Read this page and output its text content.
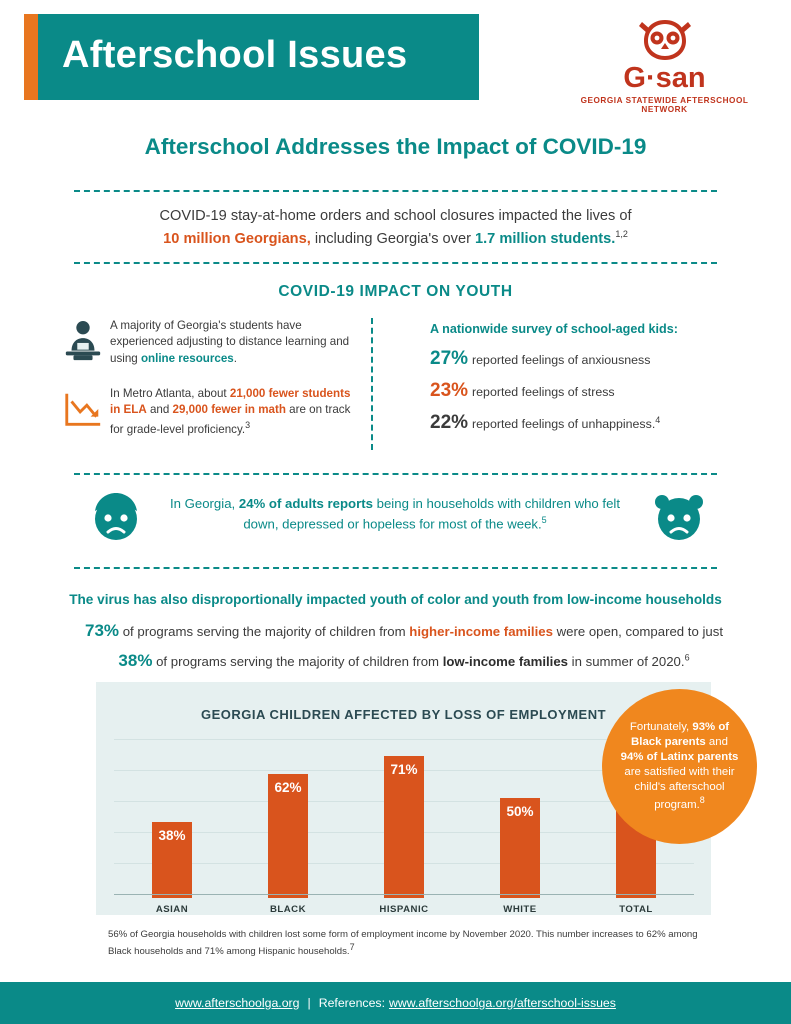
Afterschool Issues
G·san
GEORGIA STATEWIDE AFTERSCHOOL NETWORK
Afterschool Addresses the Impact of COVID-19
COVID-19 stay-at-home orders and school closures impacted the lives of
10 million Georgians, including Georgia's over 1.7 million students.$^{1,2}$
COVID-19 IMPACT ON YOUTH
A majority of Georgia's students have experienced adjusting to distance learning and using online resources.
In Metro Atlanta, about 21,000 fewer students in ELA and 29,000 fewer in math are on track for grade-level proficiency.$^3$
A nationwide survey of school-aged kids:
27% reported feelings of anxiousness
23% reported feelings of stress
22% reported feelings of unhappiness.$^4$
In Georgia, 24% of adults reports being in households with children who felt down, depressed or hopeless for most of the week.$^5$
The virus has also disproportionally impacted youth of color and youth from low-income households
73% of programs serving the majority of children from higher-income families were open, compared to just
38% of programs serving the majority of children from low-income families in summer of 2020.$^6$
GEORGIA CHILDREN AFFECTED BY LOSS OF EMPLOYMENT
38%
ASIAN
62%
BLACK
71%
HISPANIC
50%
WHITE	TOTAL
Fortunately, 93% of Black parents and 94% of Latinx parents are satisfied with their child's afterschool program.$^8$
56% of Georgia households with children lost some form of employment income by November 2020. This number increases to 62% among Black households and 71% among Hispanic households.7
www.afterschoolga.org | References: www.afterschoolga.org/afterschool-issues
